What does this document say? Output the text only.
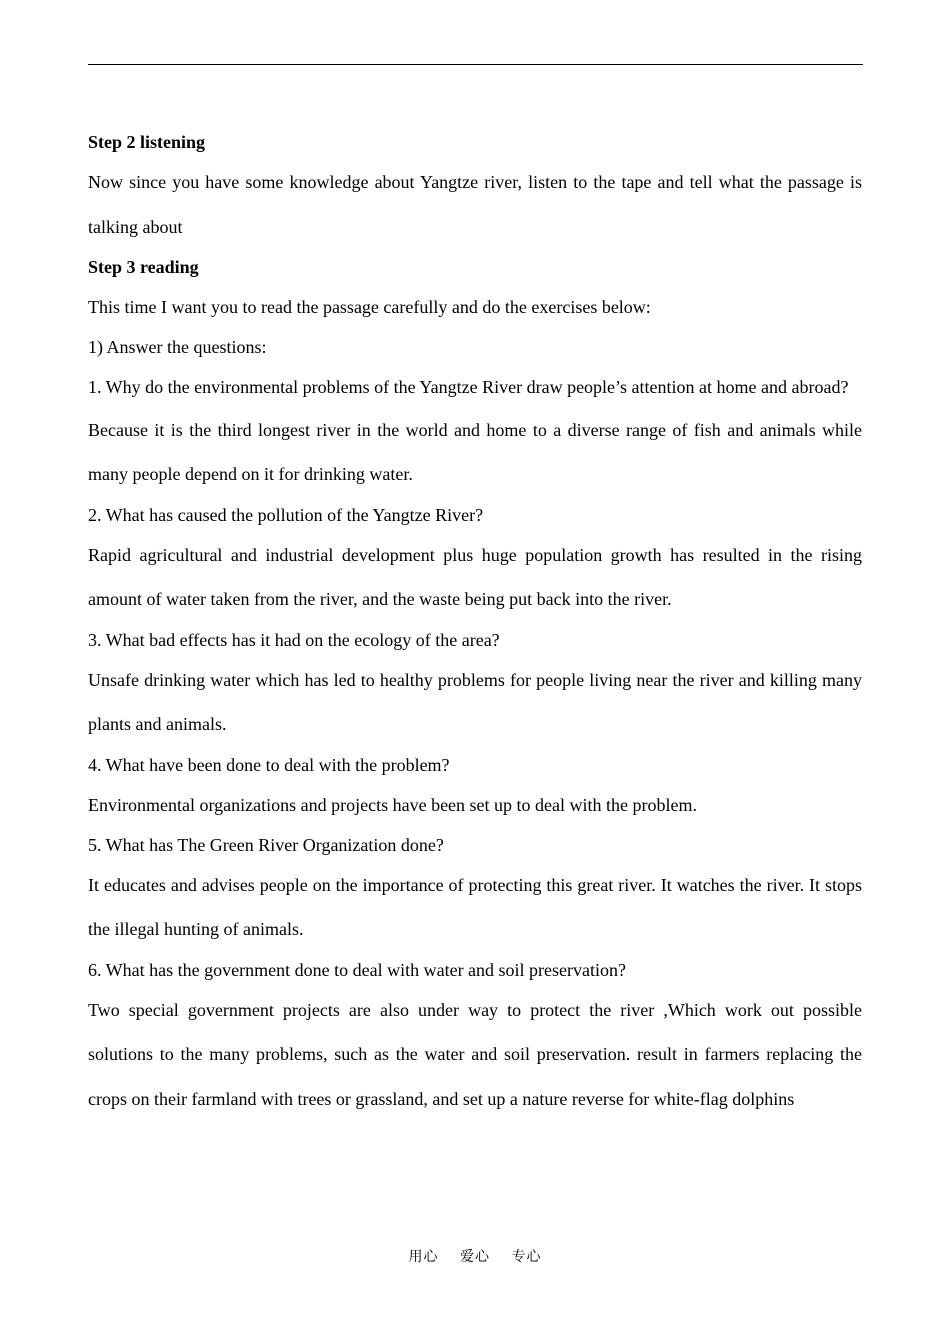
Step 2 listening
Now since you have some knowledge about Yangtze river, listen to the tape and tell what the passage is talking about
Step 3 reading
This time I want you to read the passage carefully and do the exercises below:
1) Answer the questions:
1. Why do the environmental problems of the Yangtze River draw people’s attention at home and abroad?
Because it is the third longest river in the world and home to a diverse range of fish and animals while many people depend on it for drinking water.
2. What has caused the pollution of the Yangtze River?
Rapid agricultural and industrial development plus huge population growth has resulted in the rising amount of water taken from the river, and the waste being put back into the river.
3. What bad effects has it had on the ecology of the area?
Unsafe drinking water which has led to healthy problems for people living near the river and killing many plants and animals.
4. What have been done to deal with the problem?
Environmental organizations and projects have been set up to deal with the problem.
5. What has The Green River Organization done?
It educates and advises people on the importance of protecting this great river. It watches the river. It stops the illegal hunting of animals.
6. What has the government done to deal with water and soil preservation?
Two special government projects are also under way to protect the river ,Which work out possible solutions to the many problems, such as the water and soil preservation. result in farmers replacing the crops on their farmland with trees or grassland, and set up a nature reverse for white-flag dolphins
用心 爱心 专心
